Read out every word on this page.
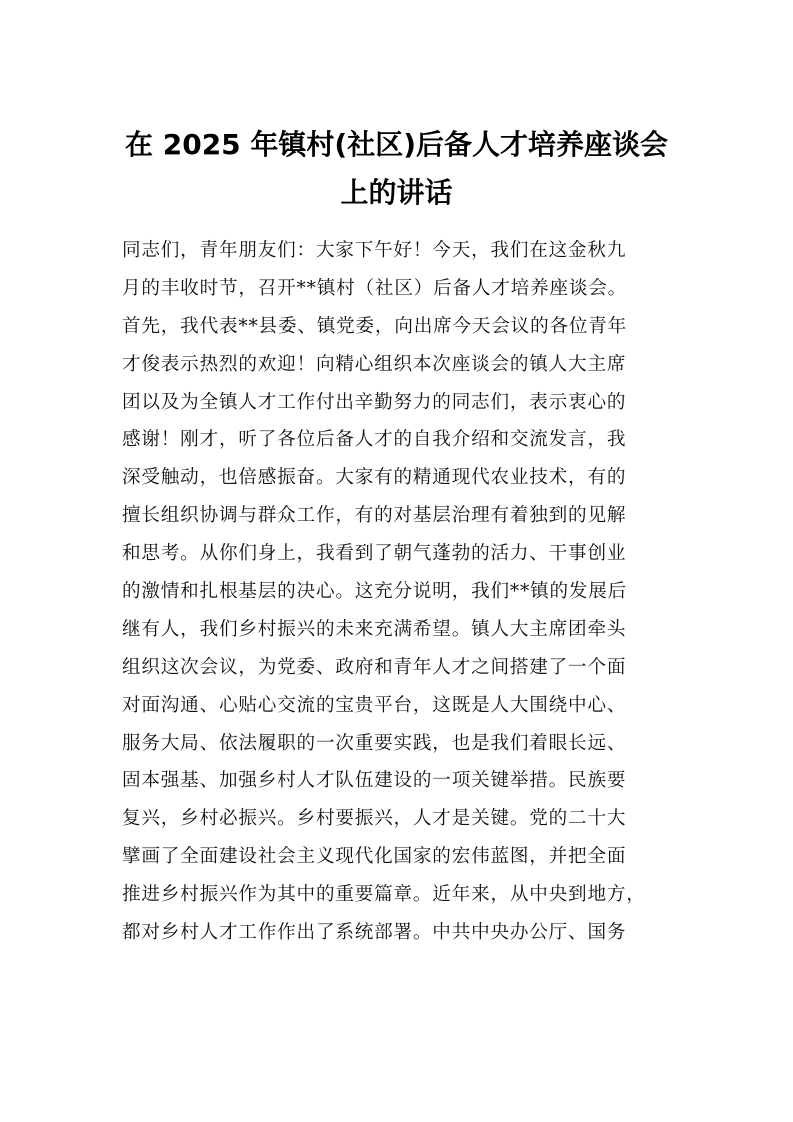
在 2025 年镇村(社区)后备人才培养座谈会
上的讲话
同志们，青年朋友们：大家下午好！今天，我们在这金秋九
月的丰收时节，召开**镇村（社区）后备人才培养座谈会。
首先，我代表**县委、镇党委，向出席今天会议的各位青年
才俊表示热烈的欢迎！向精心组织本次座谈会的镇人大主席
团以及为全镇人才工作付出辛勤努力的同志们，表示衷心的
感谢！刚才，听了各位后备人才的自我介绍和交流发言，我
深受触动，也倍感振奋。大家有的精通现代农业技术，有的
擅长组织协调与群众工作，有的对基层治理有着独到的见解
和思考。从你们身上，我看到了朝气蓬勃的活力、干事创业
的激情和扎根基层的决心。这充分说明，我们**镇的发展后
继有人，我们乡村振兴的未来充满希望。镇人大主席团牵头
组织这次会议，为党委、政府和青年人才之间搭建了一个面
对面沟通、心贴心交流的宝贵平台，这既是人大围绕中心、
服务大局、依法履职的一次重要实践，也是我们着眼长远、
固本强基、加强乡村人才队伍建设的一项关键举措。民族要
复兴，乡村必振兴。乡村要振兴，人才是关键。党的二十大
擘画了全面建设社会主义现代化国家的宏伟蓝图，并把全面
推进乡村振兴作为其中的重要篇章。近年来，从中央到地方，
都对乡村人才工作作出了系统部署。中共中央办公厅、国务
